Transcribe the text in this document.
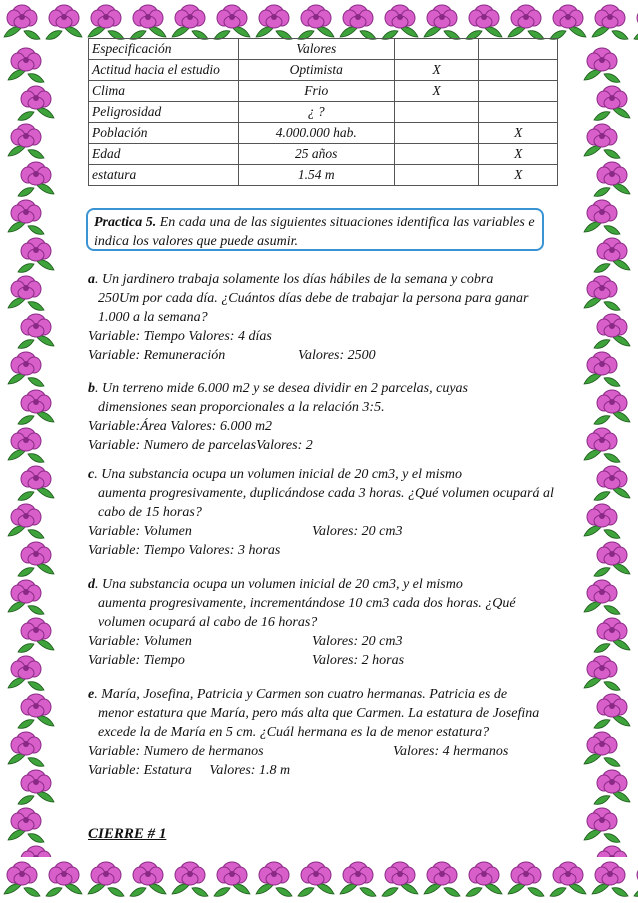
Especificación	Valores		
Actitud hacia el estudio	Optimista	X	
Clima	Frio	X	
Peligrosidad	¿ ?		
Población	4.000.000 hab.		X
Edad	25 años		X
estatura	1.54 m		X
Practica 5. En cada una de las siguientes situaciones identifica las variables e indica los valores que puede asumir.

a. Un jardinero trabaja solamente los días hábiles de la semana y cobra
250Um por cada día. ¿Cuántos días debe de trabajar la persona para ganar 1.000 a la semana?

Variable: Tiempo Valores: 4 días

Variable: Remuneración	Valores: 2500

b. Un terreno mide 6.000 m2 y se desea dividir en 2 parcelas, cuyas
dimensiones sean proporcionales a la relación 3:5.

Variable:Área Valores: 6.000 m2

Variable: Numero de parcelasValores: 2

c. Una substancia ocupa un volumen inicial de 20 cm3, y el mismo
aumenta progresivamente, duplicándose cada 3 horas. ¿Qué volumen ocupará al cabo de 15 horas?

Variable: Volumen	Valores: 20 cm3

Variable: Tiempo Valores: 3 horas

d. Una substancia ocupa un volumen inicial de 20 cm3, y el mismo
aumenta progresivamente, incrementándose 10 cm3 cada dos horas. ¿Qué volumen ocupará al cabo de 16 horas?

Variable: Volumen	Valores: 20 cm3

Variable: Tiempo	Valores: 2 horas

e. María, Josefina, Patricia y Carmen son cuatro hermanas. Patricia es de
menor estatura que María, pero más alta que Carmen. La estatura de Josefina excede la de María en 5 cm. ¿Cuál hermana es la de menor estatura?

Variable: Numero de hermanos	Valores: 4 hermanos

Variable: Estatura     Valores: 1.8 m

CIERRE # 1
